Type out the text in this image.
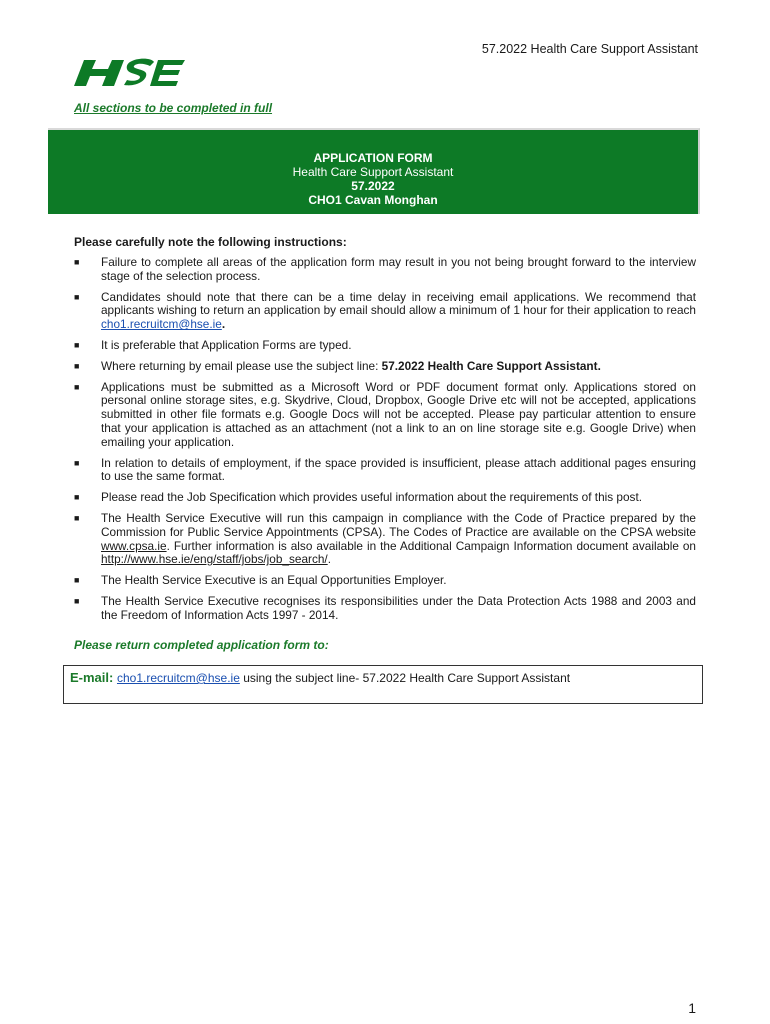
57.2022 Health Care Support Assistant
All sections to be completed in full
APPLICATION FORM
Health Care Support Assistant
57.2022
CHO1 Cavan Monghan
Please carefully note the following instructions:
■ Failure to complete all areas of the application form may result in you not being brought forward to the interview stage of the selection process.
■ Candidates should note that there can be a time delay in receiving email applications. We recommend that applicants wishing to return an application by email should allow a minimum of 1 hour for their application to reach cho1.recruitcm@hse.ie.
■ It is preferable that Application Forms are typed.
■ Where returning by email please use the subject line: 57.2022 Health Care Support Assistant.
■ Applications must be submitted as a Microsoft Word or PDF document format only. Applications stored on personal online storage sites, e.g. Skydrive, Cloud, Dropbox, Google Drive etc will not be accepted, applications submitted in other file formats e.g. Google Docs will not be accepted. Please pay particular attention to ensure that your application is attached as an attachment (not a link to an on line storage site e.g. Google Drive) when emailing your application.
■ In relation to details of employment, if the space provided is insufficient, please attach additional pages ensuring to use the same format.
■ Please read the Job Specification which provides useful information about the requirements of this post.
■ The Health Service Executive will run this campaign in compliance with the Code of Practice prepared by the Commission for Public Service Appointments (CPSA). The Codes of Practice are available on the CPSA website www.cpsa.ie. Further information is also available in the Additional Campaign Information document available on http://www.hse.ie/eng/staff/jobs/job_search/.
■ The Health Service Executive is an Equal Opportunities Employer.
■ The Health Service Executive recognises its responsibilities under the Data Protection Acts 1988 and 2003 and the Freedom of Information Acts 1997 - 2014.
Please return completed application form to:
E-mail: cho1.recruitcm@hse.ie using the subject line- 57.2022 Health Care Support Assistant
1
